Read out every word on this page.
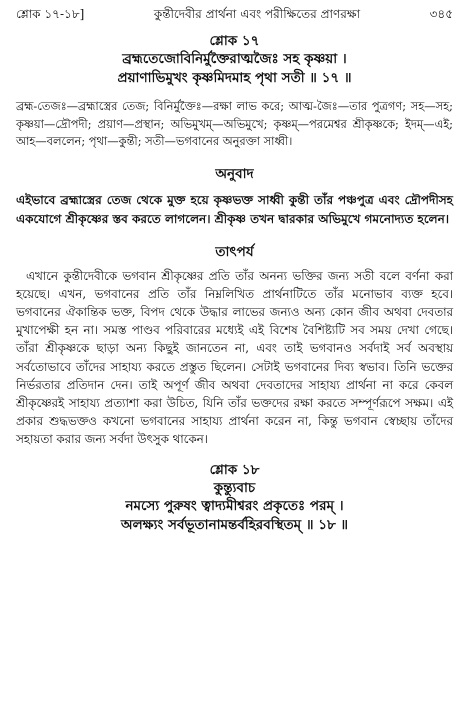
শ্লোক ১৭-১৮]	কুন্তীদেবীর প্রার্থনা এবং পরীক্ষিতের প্রাণরক্ষা	৩৪৫
শ্লোক ১৭
ব্রহ্মতেজোবিনির্মুক্তৈরাত্মজৈঃ সহ কৃষ্ণয়া ।
প্রয়াণাভিমুখং কৃষ্ণমিদমাহ পৃথা সতী ॥ ১৭ ॥
ব্রহ্ম-তেজঃ—ব্রহ্মাস্ত্রের তেজ; বিনির্মুক্তৈঃ—রক্ষা লাভ করে; আত্ম-জৈঃ—তার পুত্রগণ; সহ—সহ; কৃষ্ণয়া—দ্রৌপদী; প্রয়াণ—প্রস্থান; অভিমুখম্—অভিমুখে; কৃষ্ণম্—পরমেশ্বর শ্রীকৃষ্ণকে; ইদম্—এই; আহ—বললেন; পৃথা—কুন্তী; সতী—ভগবানের অনুরক্তা সাধ্বী।
অনুবাদ
এইভাবে ব্রহ্মাস্ত্রের তেজ থেকে মুক্ত হয়ে কৃষ্ণভক্ত সাধ্বী কুন্তী তাঁর পঞ্চপুত্র এবং দ্রৌপদীসহ একযোগে শ্রীকৃষ্ণের স্তব করতে লাগলেন। শ্রীকৃষ্ণ তখন দ্বারকার অভিমুখে গমনোদ্যত হলেন।
তাৎপর্য

এখানে কুন্তীদেবীকে ভগবান শ্রীকৃষ্ণের প্রতি তাঁর অনন্য ভক্তির জন্য সতী বলে বর্ণনা করা হয়েছে। এখন, ভগবানের প্রতি তাঁর নিম্নলিখিত প্রার্থনাটিতে তাঁর মনোভাব ব্যক্ত হবে। ভগবানের ঐকান্তিক ভক্ত, বিপদ থেকে উদ্ধার লাভের জন্যও অন্য কোন জীব অথবা দেবতার মুখাপেক্ষী হন না। সমস্ত পাণ্ডব পরিবারের মধ্যেই এই বিশেষ বৈশিষ্ট্যটি সব সময় দেখা গেছে। তাঁরা শ্রীকৃষ্ণকে ছাড়া অন্য কিছুই জানতেন না, এবং তাই ভগবানও সর্বদাই সর্ব অবস্থায় সর্বতোভাবে তাঁদের সাহায্য করতে প্রস্তুত ছিলেন। সেটাই ভগবানের দিব্য স্বভাব। তিনি ভক্তের নির্ভরতার প্রতিদান দেন। তাই অপূর্ণ জীব অথবা দেবতাদের সাহায্য প্রার্থনা না করে কেবল শ্রীকৃষ্ণেরই সাহায্য প্রত্যাশা করা উচিত, যিনি তাঁর ভক্তদের রক্ষা করতে সম্পূর্ণরূপে সক্ষম। এই প্রকার শুদ্ধভক্তও কখনো ভগবানের সাহায্য প্রার্থনা করেন না, কিন্তু ভগবান স্বেচ্ছায় তাঁদের সহায়তা করার জন্য সর্বদা উৎসুক থাকেন।

শ্লোক ১৮
কুন্ত্যুবাচ
নমস্যে পুরুষং ত্বাদ্যমীশ্বরং প্রকৃতেঃ পরম্ ।
অলক্ষ্যং সর্বভূতানামন্তর্বহিরবস্থিতম্ ॥ ১৮ ॥
